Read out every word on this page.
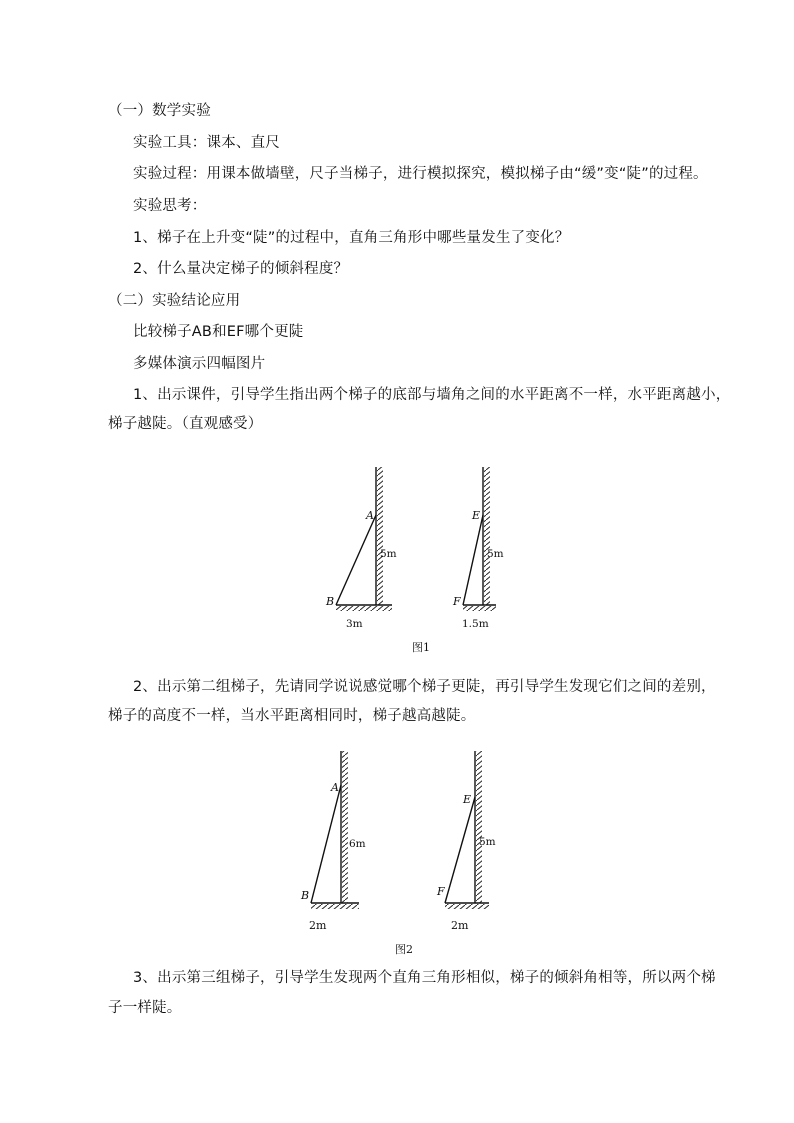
（一）数学实验
实验工具：课本、直尺
实验过程：用课本做墙壁，尺子当梯子，进行模拟探究，模拟梯子由“缓”变“陡”的过程。
实验思考：
1、梯子在上升变“陡”的过程中，直角三角形中哪些量发生了变化？
2、什么量决定梯子的倾斜程度？
（二）实验结论应用
比较梯子AB和EF哪个更陡
多媒体演示四幅图片
1、出示课件，引导学生指出两个梯子的底部与墙角之间的水平距离不一样，水平距离越小，
梯子越陡。（直观感受）
A
B
5m
3m
E
F
5m
1.5m
图1
2、出示第二组梯子，先请同学说说感觉哪个梯子更陡，再引导学生发现它们之间的差别，
梯子的高度不一样，当水平距离相同时，梯子越高越陡。
A
B
6m
2m
E
F
5m
2m
图2
3、出示第三组梯子，引导学生发现两个直角三角形相似，梯子的倾斜角相等，所以两个梯
子一样陡。
